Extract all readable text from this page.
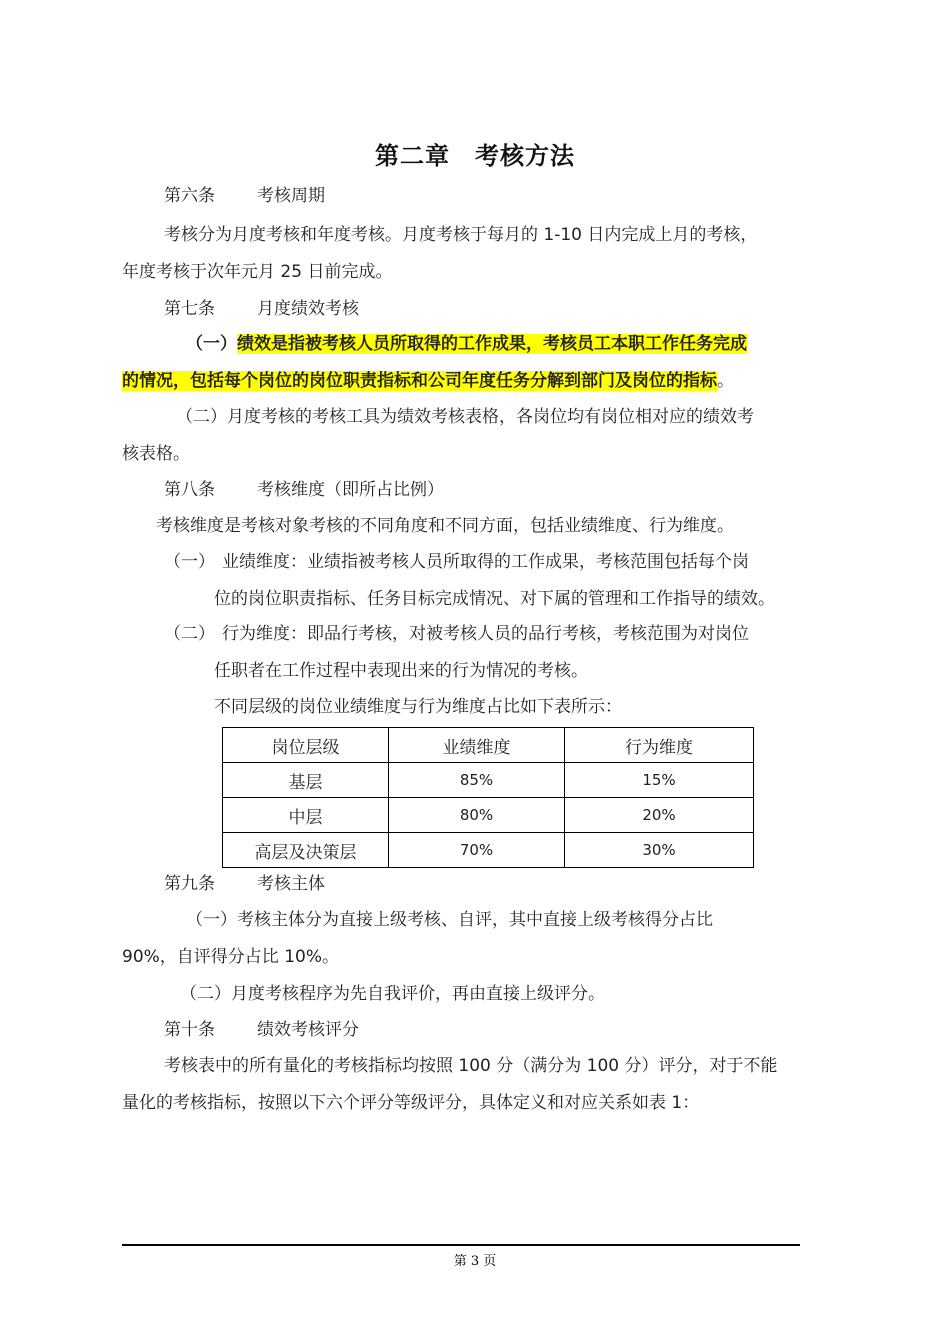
第二章　考核方法
第六条 考核周期
考核分为月度考核和年度考核。月度考核于每月的 1-10 日内完成上月的考核，
年度考核于次年元月 25 日前完成。
第七条 月度绩效考核
（一）绩效是指被考核人员所取得的工作成果，考核员工本职工作任务完成
的情况，包括每个岗位的岗位职责指标和公司年度任务分解到部门及岗位的指标。
（二）月度考核的考核工具为绩效考核表格，各岗位均有岗位相对应的绩效考
核表格。
第八条 考核维度（即所占比例）
考核维度是考核对象考核的不同角度和不同方面，包括业绩维度、行为维度。
（一） 业绩维度：业绩指被考核人员所取得的工作成果，考核范围包括每个岗
位的岗位职责指标、任务目标完成情况、对下属的管理和工作指导的绩效。
（二） 行为维度：即品行考核，对被考核人员的品行考核，考核范围为对岗位
任职者在工作过程中表现出来的行为情况的考核。
不同层级的岗位业绩维度与行为维度占比如下表所示：
岗位层级	业绩维度	行为维度
基层	85%	15%
中层	80%	20%
高层及决策层	70%	30%
第九条 考核主体
（一）考核主体分为直接上级考核、自评，其中直接上级考核得分占比
90%，自评得分占比 10%。
（二）月度考核程序为先自我评价，再由直接上级评分。
第十条 绩效考核评分
考核表中的所有量化的考核指标均按照 100 分（满分为 100 分）评分，对于不能
量化的考核指标，按照以下六个评分等级评分，具体定义和对应关系如表 1：
第 3 页
